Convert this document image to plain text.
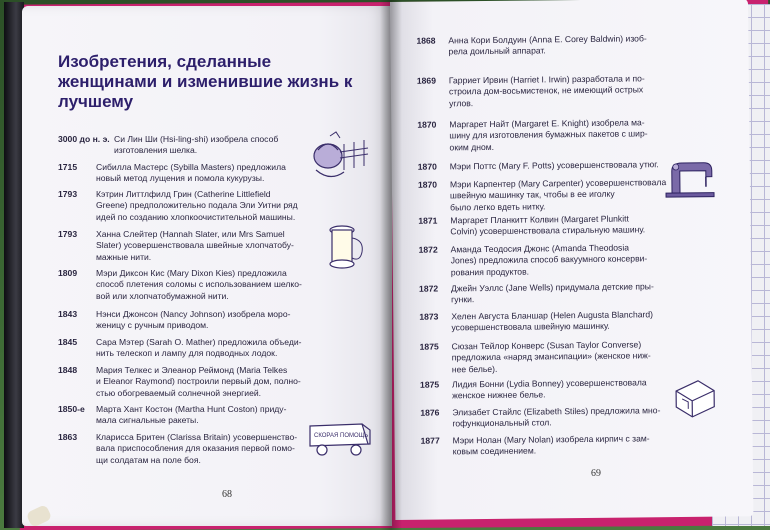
Изобретения, сделанные женщинами и изменившие жизнь к лучшему
3000 до н. э. Си Лин Ши (Hsi-ling-shi) изобрела способ
изготовления шелка.
1715 Сибилла Мастерс (Sybilla Masters) предложила
новый метод лущения и помола кукурузы.
1793 Кэтрин Литтлфилд Грин (Catherine Littlefield
Greene) предположительно подала Эли Уитни ряд
идей по созданию хлопкоочистительной машины.
1793 Ханна Слейтер (Hannah Slater, или Mrs Samuel
Slater) усовершенствовала швейные хлопчатобу-
мажные нити.
1809 Мэри Диксон Кис (Mary Dixon Kies) предложила
способ плетения соломы с использованием шелко-
вой или хлопчатобумажной нити.
1843 Нэнси Джонсон (Nancy Johnson) изобрела моро-
женицу с ручным приводом.
1845 Сара Мэтер (Sarah O. Mather) предложила объеди-
нить телескоп и лампу для подводных лодок.
1848 Мария Телкес и Элеанор Реймонд (Maria Telkes
и Eleanor Raymond) построили первый дом, полно-
стью обогреваемый солнечной энергией.
1850-е Марта Хант Костон (Martha Hunt Coston) приду-
мала сигнальные ракеты.
1863 Кларисса Бритен (Clarissa Britain) усовершенство-
вала приспособления для оказания первой помо-
щи солдатам на поле боя.
68
СКОРАЯ ПОМОЩЬ
1868 Анна Кори Болдуин (Anna E. Corey Baldwin) изоб-
рела доильный аппарат.
1869 Гарриет Ирвин (Harriet I. Irwin) разработала и по-
строила дом-восьмистенок, не имеющий острых
углов.
1870 Маргарет Найт (Margaret E. Knight) изобрела ма-
шину для изготовления бумажных пакетов с шир-
оким дном.
1870 Мэри Поттс (Mary F. Potts) усовершенствовала утюг.
1870 Мэри Карпентер (Mary Carpenter) усовершенствовала
швейную машинку так, чтобы в ее иголку
было легко вдеть нитку.
1871 Маргарет Планкитт Колвин (Margaret Plunkitt
Colvin) усовершенствовала стиральную машину.
1872 Аманда Теодосия Джонс (Amanda Theodosia
Jones) предложила способ вакуумного консерви-
рования продуктов.
1872 Джейн Уэллс (Jane Wells) придумала детские пры-
гунки.
1873 Хелен Августа Бланшар (Helen Augusta Blanchard)
усовершенствовала швейную машинку.
1875 Сюзан Тейлор Конверс (Susan Taylor Converse)
предложила «наряд эмансипации» (женское ниж-
нее белье).
1875 Лидия Бонни (Lydia Bonney) усовершенствовала
женское нижнее белье.
1876 Элизабет Стайлс (Elizabeth Stiles) предложила мно-
гофункциональный стол.
1877 Мэри Нолан (Mary Nolan) изобрела кирпич с зам-
ковым соединением.
69
